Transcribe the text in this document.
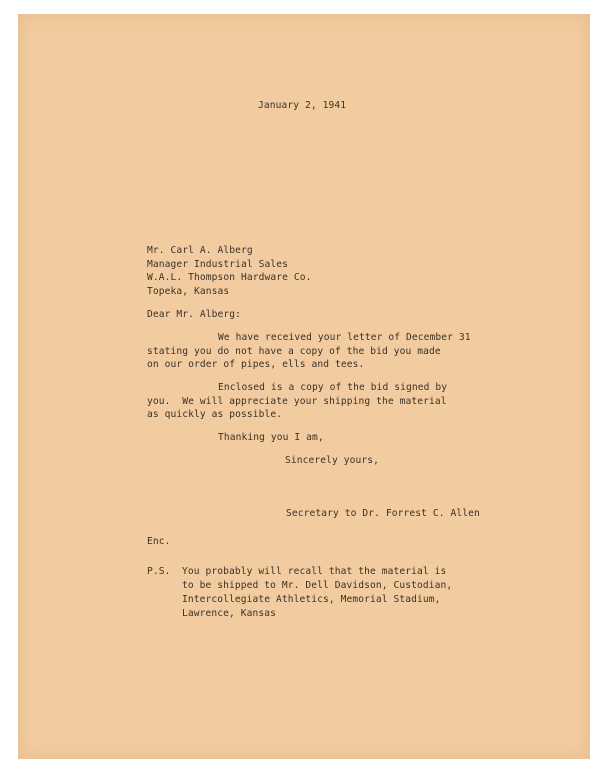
January 2, 1941

Mr. Carl A. Alberg

Manager Industrial Sales

W.A.L. Thompson Hardware Co.

Topeka, Kansas

Dear Mr. Alberg:

We have received your letter of December 31

stating you do not have a copy of the bid you made

on our order of pipes, ells and tees.

Enclosed is a copy of the bid signed by

you.  We will appreciate your shipping the material

as quickly as possible.

Thanking you I am,

Sincerely yours,

Secretary to Dr. Forrest C. Allen

Enc.

P.S. You probably will recall that the material is

to be shipped to Mr. Dell Davidson, Custodian,

Intercollegiate Athletics, Memorial Stadium,

Lawrence, Kansas
